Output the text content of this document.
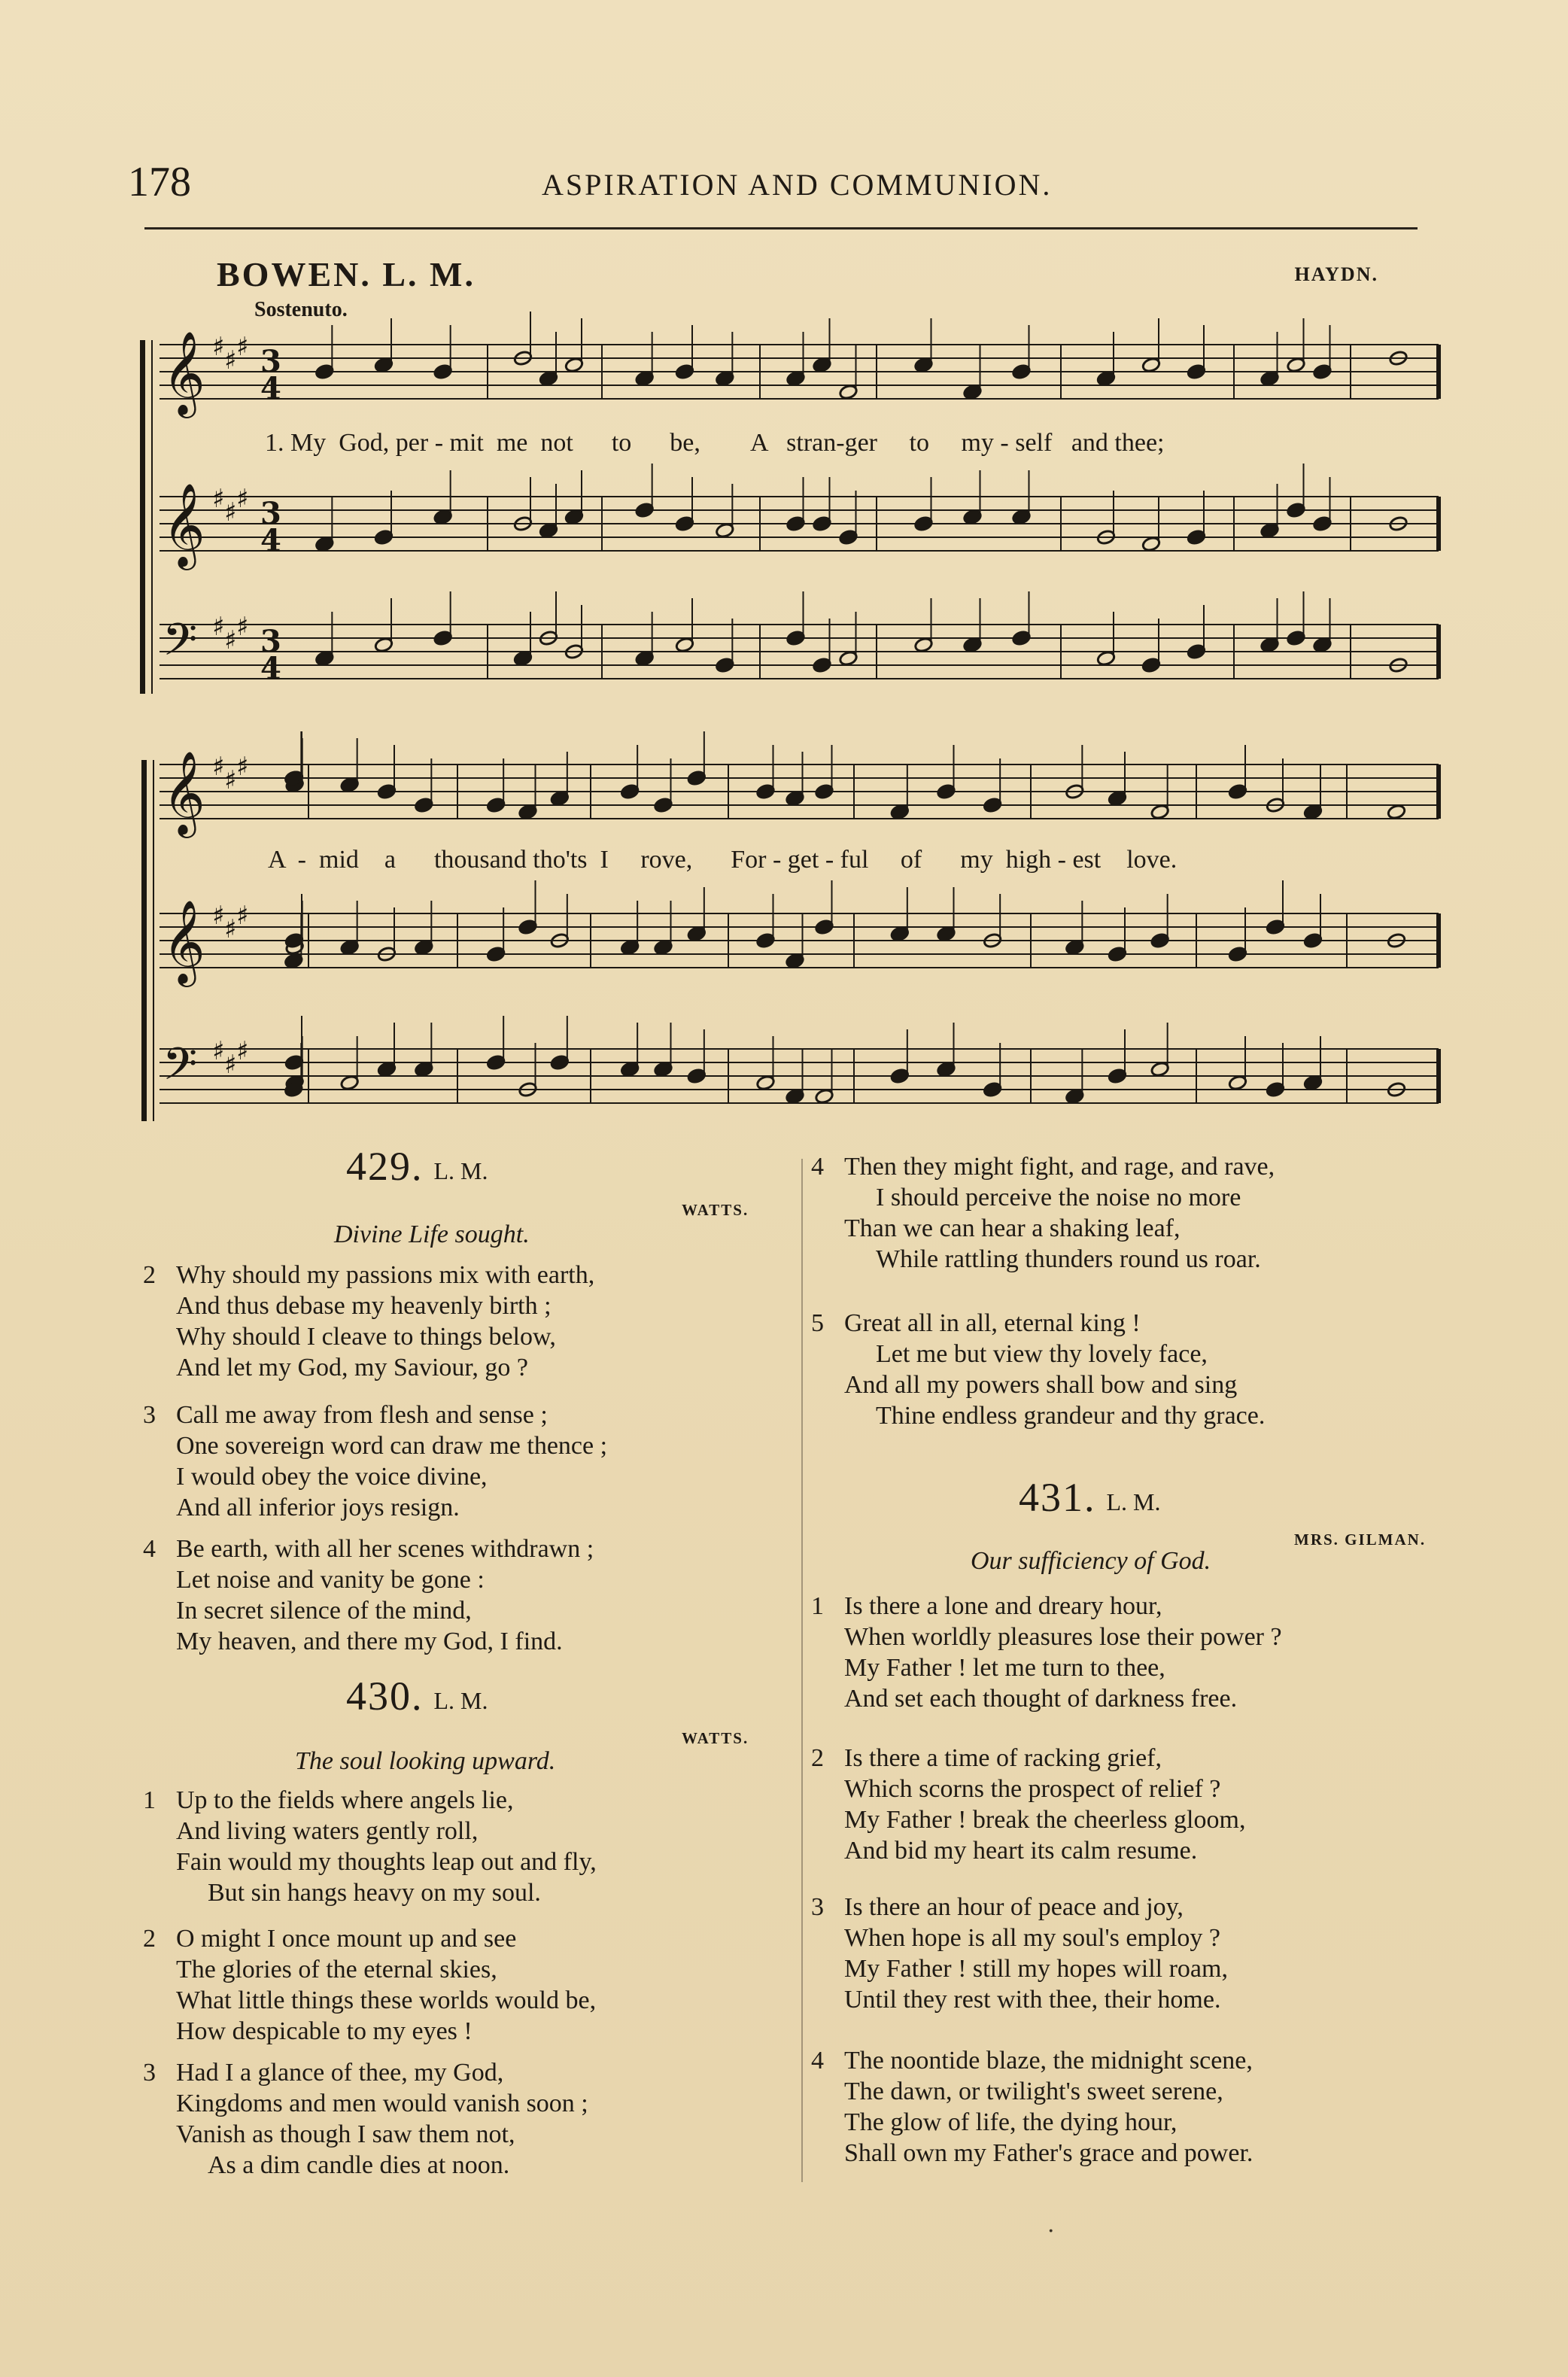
178	ASPIRATION AND COMMUNION.
BOWEN. L. M.	HAYDN.
Sostenuto.
𝄞 ♯ ♯ ♯ 3
4
𝄞 ♯ ♯ ♯ 3
4
𝄢 ♯ ♯ ♯ 3
4
𝄞 ♯ ♯ ♯
𝄞 ♯ ♯ ♯
𝄢 ♯ ♯ ♯
1. My  God, per - mit  me  not      to      be,        A   stran-ger     to     my - self   and thee;
A  -  mid    a      thousand tho'ts  I     rove,      For - get - ful     of      my  high - est    love.
429. L. M.
WATTS.
Divine Life sought.
2 Why should my passions mix with earth,
And thus debase my heavenly birth ;
Why should I cleave to things below,
And let my God, my Saviour, go ?
3 Call me away from flesh and sense ;
One sovereign word can draw me thence ;
I would obey the voice divine,
And all inferior joys resign.
4 Be earth, with all her scenes withdrawn ;
Let noise and vanity be gone :
In secret silence of the mind,
My heaven, and there my God, I find.
430. L. M.
WATTS.
The soul looking upward.
1 Up to the fields where angels lie,
And living waters gently roll,
Fain would my thoughts leap out and fly,
But sin hangs heavy on my soul.
2 O might I once mount up and see
The glories of the eternal skies,
What little things these worlds would be,
How despicable to my eyes !
3 Had I a glance of thee, my God,
Kingdoms and men would vanish soon ;
Vanish as though I saw them not,
As a dim candle dies at noon.
4 Then they might fight, and rage, and rave,
I should perceive the noise no more
Than we can hear a shaking leaf,
While rattling thunders round us roar.
5 Great all in all, eternal king !
Let me but view thy lovely face,
And all my powers shall bow and sing
Thine endless grandeur and thy grace.
431. L. M.
MRS. GILMAN.
Our sufficiency of God.
1 Is there a lone and dreary hour,
When worldly pleasures lose their power ?
My Father ! let me turn to thee,
And set each thought of darkness free.
2 Is there a time of racking grief,
Which scorns the prospect of relief ?
My Father ! break the cheerless gloom,
And bid my heart its calm resume.
3 Is there an hour of peace and joy,
When hope is all my soul's employ ?
My Father ! still my hopes will roam,
Until they rest with thee, their home.
4 The noontide blaze, the midnight scene,
The dawn, or twilight's sweet serene,
The glow of life, the dying hour,
Shall own my Father's grace and power.
·
